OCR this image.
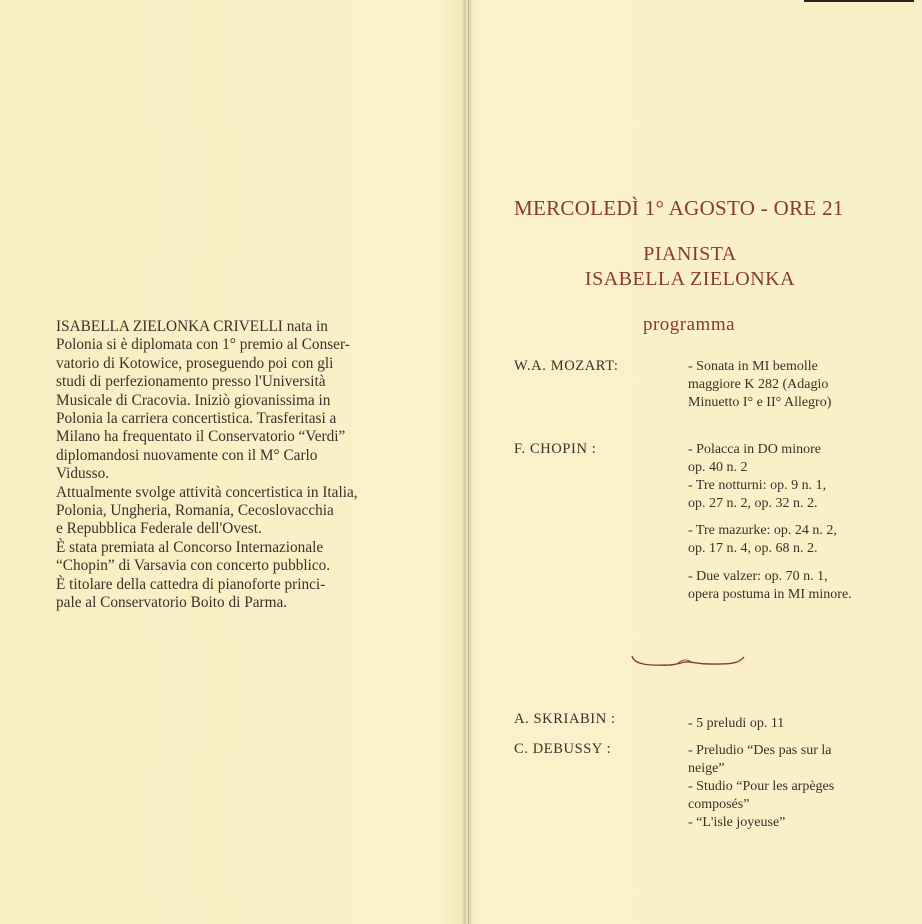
ISABELLA ZIELONKA CRIVELLI nata in

Polonia si è diplomata con 1° premio al Conser-

vatorio di Kotowice, proseguendo poi con gli

studi di perfezionamento presso l'Università

Musicale di Cracovia. Iniziò giovanissima in

Polonia la carriera concertistica. Trasferitasi a

Milano ha frequentato il Conservatorio “Verdi”

diplomandosi nuovamente con il M° Carlo

Vidusso.

Attualmente svolge attività concertistica in Italia,

Polonia, Ungheria, Romania, Cecoslovacchia

e Repubblica Federale dell'Ovest.

È stata premiata al Concorso Internazionale

“Chopin” di Varsavia con concerto pubblico.

È titolare della cattedra di pianoforte princi-

pale al Conservatorio Boito di Parma.

MERCOLEDÌ 1° AGOSTO - ORE 21
PIANISTA
ISABELLA ZIELONKA
programma
W.A. MOZART:	- Sonata in MI bemolle

maggiore K 282 (Adagio

Minuetto I° e II° Allegro)

F. CHOPIN :	- Polacca in DO minore

op. 40 n. 2

- Tre notturni: op. 9 n. 1,

op. 27 n. 2, op. 32 n. 2.

- Tre mazurke: op. 24 n. 2,

op. 17 n. 4, op. 68 n. 2.

- Due valzer: op. 70 n. 1,

opera postuma in MI minore.

A. SKRIABIN :	- 5 preludi op. 11

C. DEBUSSY :	- Preludio “Des pas sur la

neige”

- Studio “Pour les arpèges

composés”

- “L'isle joyeuse”
